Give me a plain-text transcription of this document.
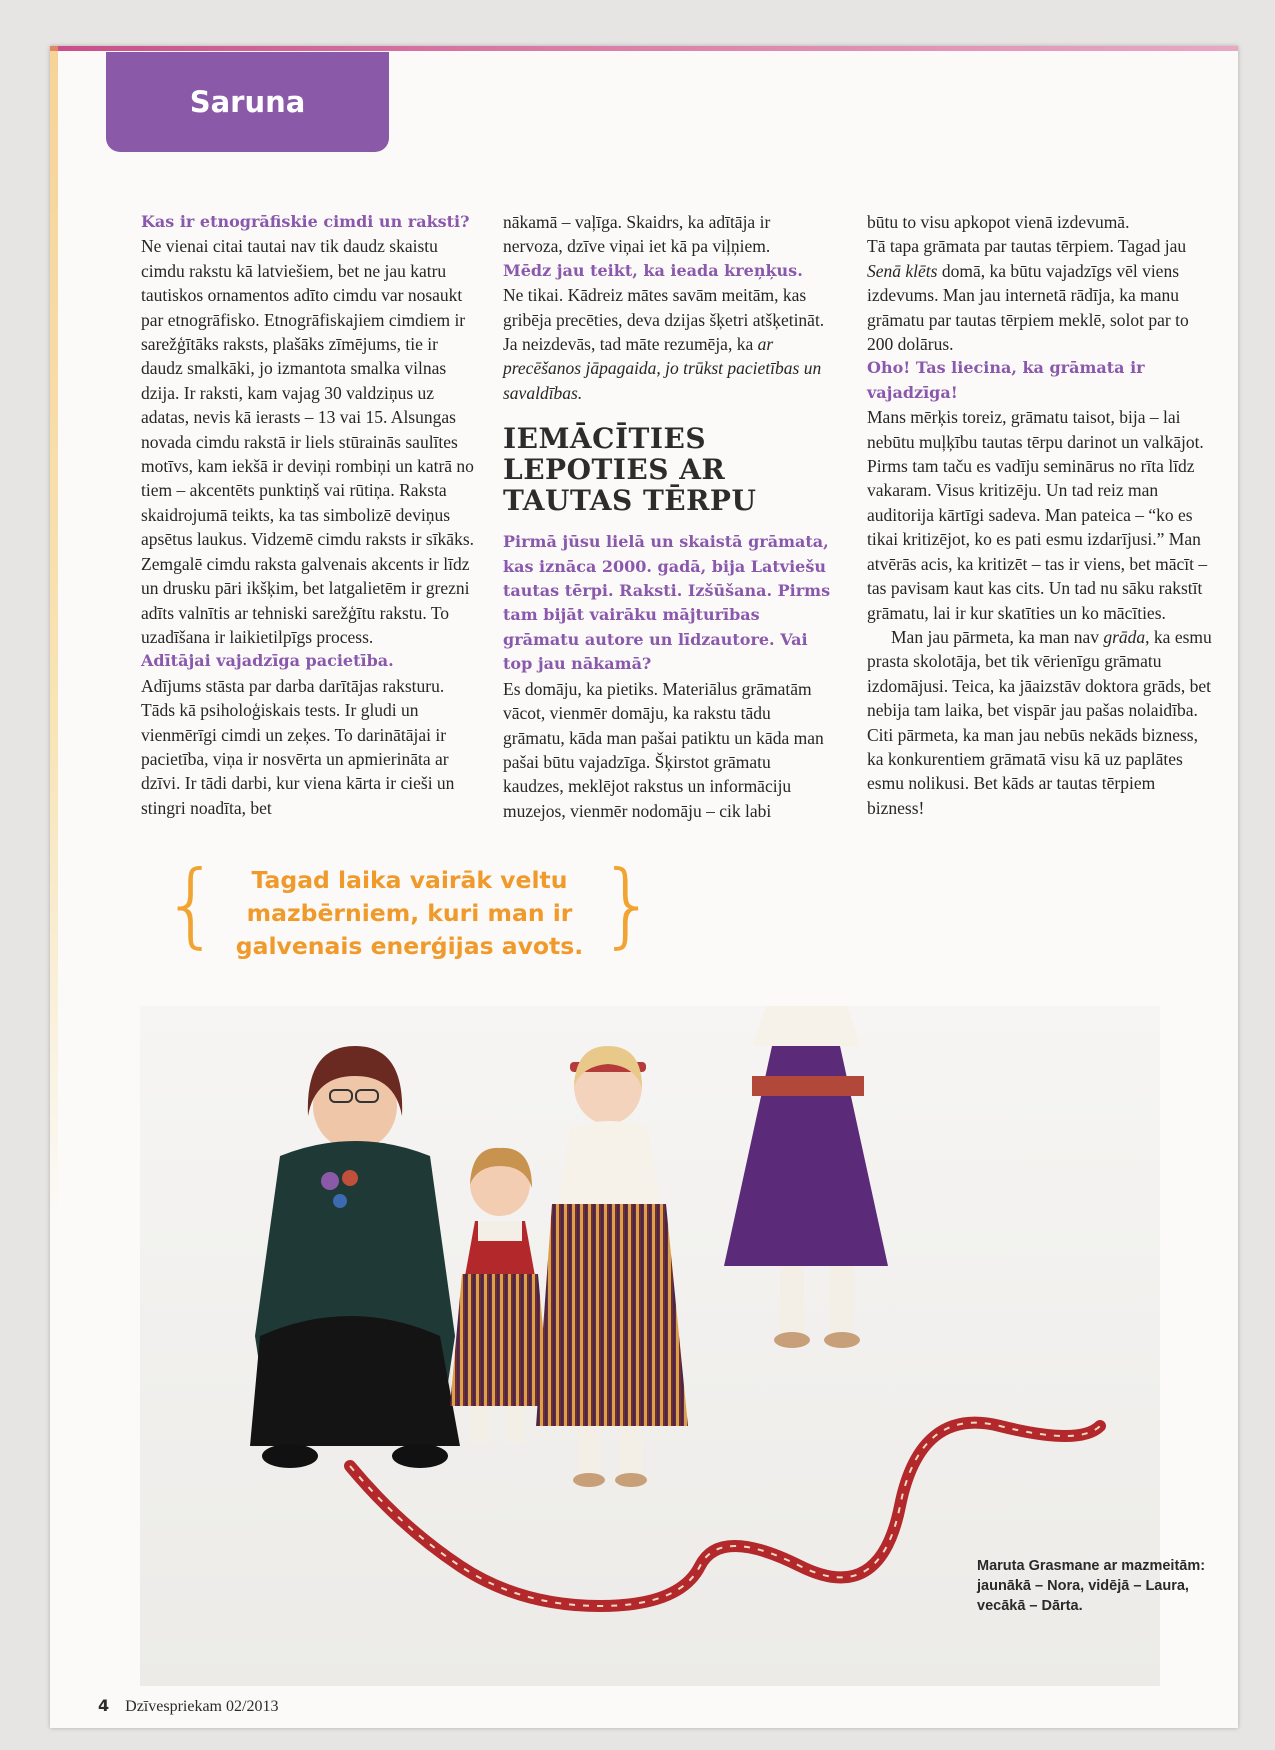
Saruna

Kas ir etnogrāfiskie cimdi un raksti?

Ne vienai citai tautai nav tik daudz skaistu cimdu rakstu kā latviešiem, bet ne jau katru tautiskos ornamentos adīto cimdu var nosaukt par etnogrāfisko. Etnogrāfiskajiem cimdiem ir sarežģītāks raksts, plašāks zīmējums, tie ir daudz smalkāki, jo izmantota smalka vilnas dzija. Ir raksti, kam vajag 30 valdziņus uz adatas, nevis kā ierasts – 13 vai 15. Alsungas novada cimdu rakstā ir liels stūrainās saulītes motīvs, kam iekšā ir deviņi rombiņi un katrā no tiem – akcentēts punktiņš vai rūtiņa. Raksta skaidrojumā teikts, ka tas simbolizē deviņus apsētus laukus. Vidzemē cimdu raksts ir sīkāks. Zemgalē cimdu raksta galvenais akcents ir līdz un drusku pāri ikšķim, bet latgalietēm ir grezni adīts valnītis ar tehniski sarežģītu rakstu. To uzadīšana ir laikietilpīgs process.

Adītājai vajadzīga pacietība.

Adījums stāsta par darba darītājas raksturu. Tāds kā psiholoģiskais tests. Ir gludi un vienmērīgi cimdi un zeķes. To darinātājai ir pacietība, viņa ir nosvērta un apmierināta ar dzīvi. Ir tādi darbi, kur viena kārta ir cieši un stingri noadīta, bet

nākamā – vaļīga. Skaidrs, ka adītāja ir nervoza, dzīve viņai iet kā pa viļņiem.

Mēdz jau teikt, ka ieada kreņķus.

Ne tikai. Kādreiz mātes savām meitām, kas gribēja precēties, deva dzijas šķetri atšķetināt. Ja neizdevās, tad māte rezumēja, ka ar precēšanos jāpagaida, jo trūkst pacietības un savaldības.

IEMĀCĪTIES LEPOTIES AR TAUTAS TĒRPU

Pirmā jūsu lielā un skaistā grāmata, kas iznāca 2000. gadā, bija Latviešu tautas tērpi. Raksti. Izšūšana. Pirms tam bijāt vairāku mājturības grāmatu autore un līdzautore. Vai top jau nākamā?

Es domāju, ka pietiks. Materiālus grāmatām vācot, vienmēr domāju, ka rakstu tādu grāmatu, kāda man pašai patiktu un kāda man pašai būtu vajadzīga. Šķirstot grāmatu kaudzes, meklējot rakstus un informāciju muzejos, vienmēr nodomāju – cik labi

būtu to visu apkopot vienā izdevumā.

Tā tapa grāmata par tautas tērpiem. Tagad jau Senā klēts domā, ka būtu vajadzīgs vēl viens izdevums. Man jau internetā rādīja, ka manu grāmatu par tautas tērpiem meklē, solot par to 200 dolārus.

Oho! Tas liecina, ka grāmata ir vajadzīga!

Mans mērķis toreiz, grāmatu taisot, bija – lai nebūtu muļķību tautas tērpu darinot un valkājot. Pirms tam taču es vadīju seminārus no rīta līdz vakaram. Visus kritizēju. Un tad reiz man auditorija kārtīgi sadeva. Man pateica – “ko es tikai kritizējot, ko es pati esmu izdarījusi.” Man atvērās acis, ka kritizēt – tas ir viens, bet mācīt – tas pavisam kaut kas cits. Un tad nu sāku rakstīt grāmatu, lai ir kur skatīties un ko mācīties.

Man jau pārmeta, ka man nav grāda, ka esmu prasta skolotāja, bet tik vērienīgu grāmatu izdomājusi. Teica, ka jāaizstāv doktora grāds, bet nebija tam laika, bet vispār jau pašas nolaidība. Citi pārmeta, ka man jau nebūs nekāds bizness, ka konkurentiem grāmatā visu kā uz paplātes esmu nolikusi. Bet kāds ar tautas tērpiem bizness!

{	Tagad laika vairāk veltu mazbērniem, kuri man ir galvenais enerģijas avots. }
Maruta Grasmane ar mazmeitām:
jaunākā – Nora, vidējā – Laura,
vecākā – Dārta.
4 Dzīvespriekam 02/2013
